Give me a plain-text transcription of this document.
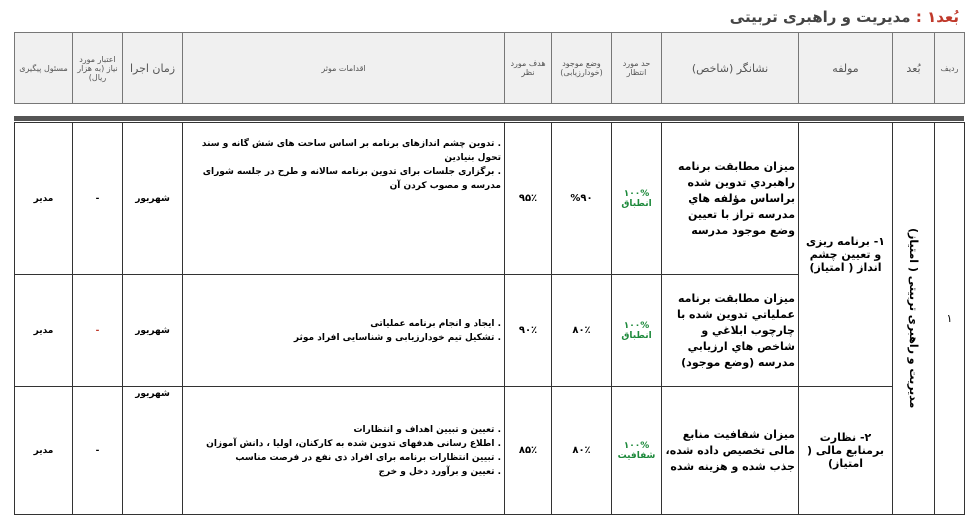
بُعد۱ : مدیریت و راهبری تربیتی
ردیف	بُعد	مولفه	نشانگر (شاخص)	حد مورد انتظار	وضع موجود (خودارزیابی)	هدف مورد نظر	اقدامات موثر	زمان اجرا	اعتبار مورد نیاز (به هزار ریال)	مسئول پیگیری
۱	مدیریت و راهبری تربیتی ( امتیاز)	۱- برنامه ریزی و تعیین چشم انداز ( امتیاز)	میزان مطابقت برنامه راهبردي تدوین شده براساس مؤلفه هاي مدرسه تراز با تعیین وضع موجود مدرسه	۱۰۰% انطباق	%۹۰	۹۵٪	. تدوین چشم اندازهای برنامه بر اساس ساحت های شش گانه و سند تحول بنیادین
. برگزاری جلسات برای تدوین برنامه سالانه و طرح در جلسه شورای مدرسه و مصوب کردن آن	شهریور	-	مدیر
			میزان مطابقت برنامه عملیاتي تدوین شده با چارچوب ابلاغي و شاخص هاي ارزیابي مدرسه (وضع موجود)	۱۰۰% انطباق	۸۰٪	۹۰٪	. ایجاد و انجام برنامه عملیاتی
. تشکیل تیم خودارزیابی و شناسایی افراد موثر	شهریور	-	مدیر
		۲- نظارت برمنابع مالی ( امتیاز)	میزان شفافیت منابع مالی تخصیص داده شده، جذب شده و هزینه شده	۱۰۰% شفافیت	۸۰٪	۸۵٪	. تعیین و تبیین اهداف و انتظارات
. اطلاع رسانی هدفهای تدوین شده به کارکنان، اولیا ، دانش آموزان
. تبیین انتظارات برنامه برای افراد ذی نفع در فرصت مناسب
. تعیین و برآورد دخل و خرج	شهریور	-	مدیر
